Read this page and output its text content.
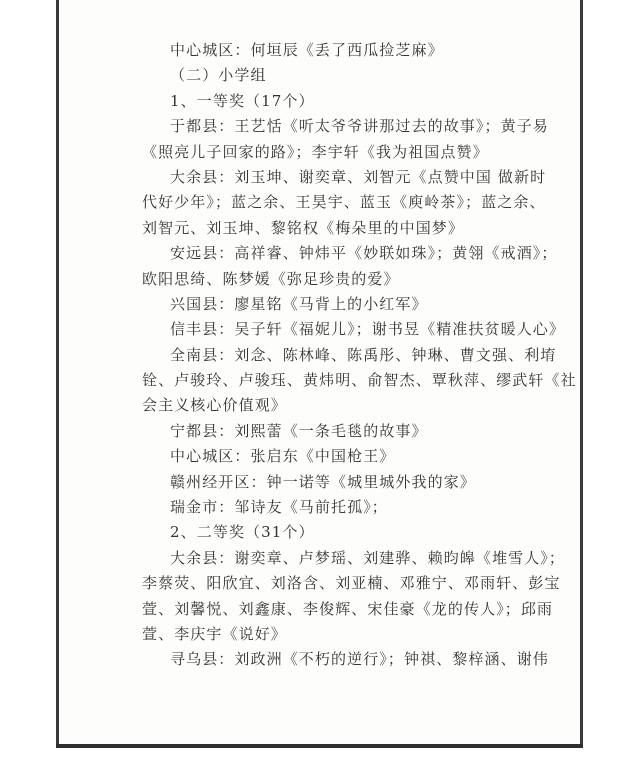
中心城区：何垣辰《丢了西瓜捡芝麻》
（二）小学组
1、一等奖（17个）
于都县：王艺恬《听太爷爷讲那过去的故事》；黄子易
《照亮儿子回家的路》；李宇轩《我为祖国点赞》
大余县：刘玉坤、谢奕章、刘智元《点赞中国 做新时
代好少年》；蓝之余、王昊宇、蓝玉《庾岭茶》；蓝之余、
刘智元、刘玉坤、黎铭权《梅朵里的中国梦》
安远县：高祥睿、钟炜平《妙联如珠》；黄翎《戒酒》；
欧阳思绮、陈梦媛《弥足珍贵的爱》
兴国县：廖星铭《马背上的小红军》
信丰县：吴子轩《福妮儿》；谢书昱《精准扶贫暖人心》
全南县：刘念、陈林峰、陈禹彤、钟琳、曹文强、利堉
铨、卢骏玲、卢骏珏、黄炜明、俞智杰、覃秋萍、缪武轩《社
会主义核心价值观》
宁都县：刘熙蕾《一条毛毯的故事》
中心城区：张启东《中国枪王》
赣州经开区：钟一诺等《城里城外我的家》
瑞金市：邹诗友《马前托孤》；
2、二等奖（31个）
大余县：谢奕章、卢梦瑶、刘建骅、赖昀皞《堆雪人》；
李蔡荧、阳欣宜、刘洛含、刘亚楠、邓雅宁、邓雨轩、彭宝
萱、刘馨悦、刘鑫康、李俊辉、宋佳豪《龙的传人》；邱雨
萱、李庆宇《说好》
寻乌县：刘政洲《不朽的逆行》；钟祺、黎梓涵、谢伟
